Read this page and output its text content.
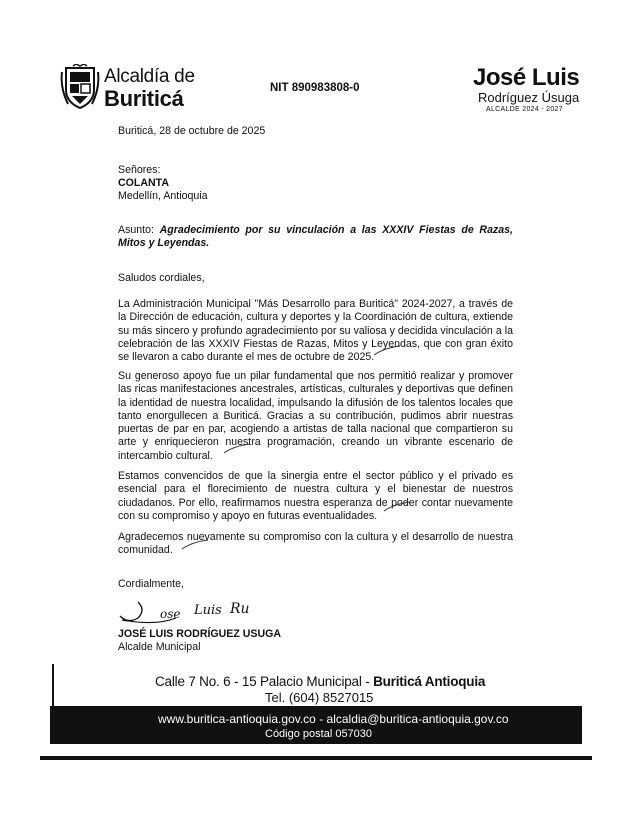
Alcaldía de
Buriticá	NIT 890983808-0	José Luis
Rodríguez Úsuga
ALCALDE 2024 - 2027
Buriticá, 28 de octubre de 2025
Señores:
COLANTA
Medellín, Antioquia
Asunto: Agradecimiento por su vinculación a las XXXIV Fiestas de Razas, Mitos y Leyendas.
Saludos cordiales,
La Administración Municipal "Más Desarrollo para Buriticá" 2024-2027, a través de la Dirección de educación, cultura y deportes y la Coordinación de cultura, extiende su más sincero y profundo agradecimiento por su valiosa y decidida vinculación a la celebración de las XXXIV Fiestas de Razas, Mitos y Leyendas, que con gran éxito se llevaron a cabo durante el mes de octubre de 2025.
Su generoso apoyo fue un pilar fundamental que nos permitió realizar y promover las ricas manifestaciones ancestrales, artísticas, culturales y deportivas que definen la identidad de nuestra localidad, impulsando la difusión de los talentos locales que tanto enorgullecen a Buriticá. Gracias a su contribución, pudimos abrir nuestras puertas de par en par, acogiendo a artistas de talla nacional que compartieron su arte y enriquecieron nuestra programación, creando un vibrante escenario de intercambio cultural.
Estamos convencidos de que la sinergia entre el sector público y el privado es esencial para el florecimiento de nuestra cultura y el bienestar de nuestros ciudadanos. Por ello, reafirmamos nuestra esperanza de poder contar nuevamente con su compromiso y apoyo en futuras eventualidades.
Agradecemos nuevamente su compromiso con la cultura y el desarrollo de nuestra comunidad.
Cordialmente,
ose Luis Ru
JOSÉ LUIS RODRÍGUEZ USUGA
Alcalde Municipal
Calle 7 No. 6 - 15 Palacio Municipal - Buriticá Antioquia
Tel. (604) 8527015
www.buritica-antioquia.gov.co - alcaldia@buritica-antioquia.gov.co
Código postal 057030
